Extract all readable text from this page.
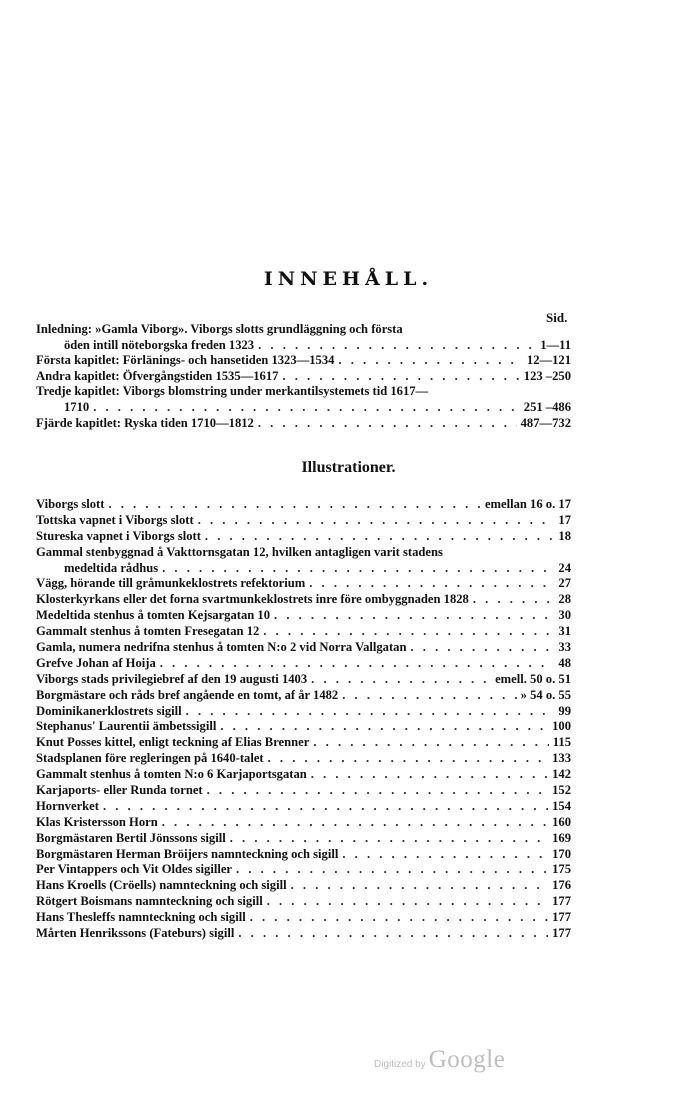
INNEHÅLL.
Sid.
Inledning: »Gamla Viborg». Viborgs slotts grundläggning och första
öden intill nöteborgska freden 1323 . . .	1—11
Första kapitlet: Förlänings- och hansetiden 1323—1534 . . .	12—121
Andra kapitlet: Öfvergångstiden 1535—1617 . . .	123 –250
Tredje kapitlet: Viborgs blomstring under merkantilsystemets tid 1617—
1710 . . .	251 –486
Fjärde kapitlet: Ryska tiden 1710—1812 . . .	487—732
Illustrationer.
Viborgs slott . . .	emellan 16 o. 17
Tottska vapnet i Viborgs slott . . .	17
Stureska vapnet i Viborgs slott . . .	18
Gammal stenbyggnad å Vakttornsgatan 12, hvilken antagligen varit stadens
medeltida rådhus . . .	24
Vägg, hörande till gråmunkeklostrets refektorium . . .	27
Klosterkyrkans eller det forna svartmunkeklostrets inre före ombyggnaden 1828 . . .	28
Medeltida stenhus å tomten Kejsargatan 10 . . .	30
Gammalt stenhus å tomten Fresegatan 12 . . .	31
Gamla, numera nedrifna stenhus å tomten N:o 2 vid Norra Vallgatan . . .	33
Grefve Johan af Hoija . . .	48
Viborgs stads privilegiebref af den 19 augusti 1403 . . .	emell. 50 o. 51
Borgmästare och råds bref angående en tomt, af år 1482 . . .	» 54 o. 55
Dominikanerklostrets sigill . . .	99
Stephanus' Laurentii ämbetssigill . . .	100
Knut Posses kittel, enligt teckning af Elias Brenner . . .	115
Stadsplanen före regleringen på 1640-talet . . .	133
Gammalt stenhus å tomten N:o 6 Karjaportsgatan . . .	142
Karjaports- eller Runda tornet . . .	152
Hornverket . . .	154
Klas Kristersson Horn . . .	160
Borgmästaren Bertil Jönssons sigill . . .	169
Borgmästaren Herman Bröijers namnteckning och sigill . . .	170
Per Vintappers och Vit Oldes sigiller . . .	175
Hans Kroells (Cröells) namnteckning och sigill . . .	176
Rötgert Boismans namnteckning och sigill . . .	177
Hans Thesleffs namnteckning och sigill . . .	177
Mårten Henrikssons (Fateburs) sigill . . .	177
Digitized by Google
